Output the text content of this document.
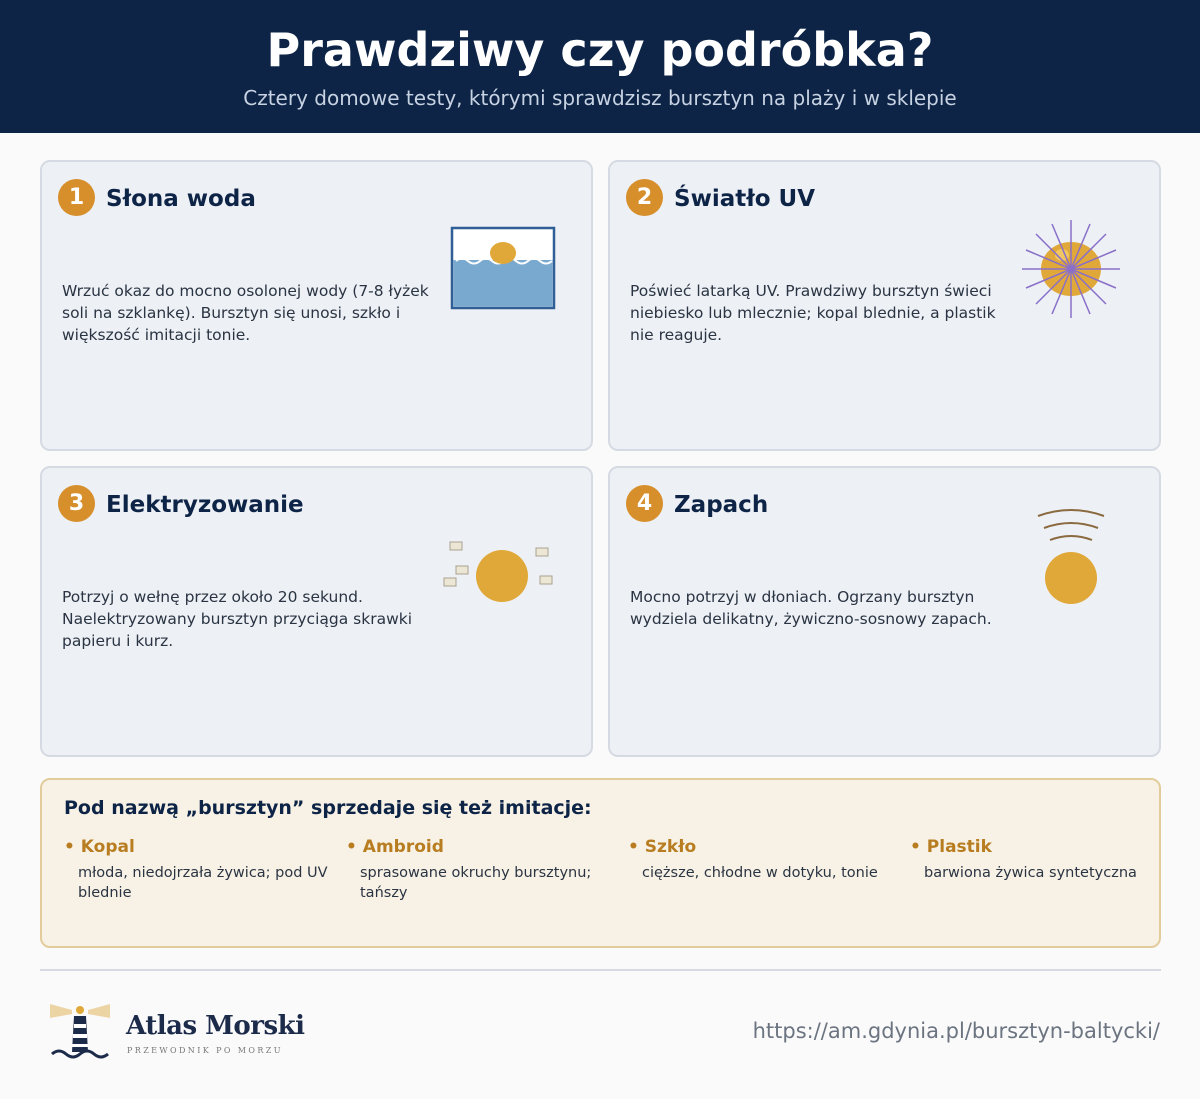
Prawdziwy czy podróbka?
Cztery domowe testy, którymi sprawdzisz bursztyn na plaży i w sklepie
1 Słona woda
Wrzuć okaz do mocno osolonej wody (7-8 łyżek soli na szklankę). Bursztyn się unosi, szkło i większość imitacji tonie.
2 Światło UV
Poświeć latarką UV. Prawdziwy bursztyn świeci niebiesko lub mlecznie; kopal blednie, a plastik nie reaguje.
3 Elektryzowanie
Potrzyj o wełnę przez około 20 sekund. Naelektryzowany bursztyn przyciąga skrawki papieru i kurz.
4 Zapach
Mocno potrzyj w dłoniach. Ogrzany bursztyn wydziela delikatny, żywiczno-sosnowy zapach.
Pod nazwą „bursztyn” sprzedaje się też imitacje:
• Kopal
młoda, niedojrzała żywica; pod UV blednie
• Ambroid
sprasowane okruchy bursztynu; tańszy
• Szkło
cięższe, chłodne w dotyku, tonie
• Plastik
barwiona żywica syntetyczna
Atlas Morski
PRZEWODNIK PO MORZU
https://am.gdynia.pl/bursztyn-baltycki/
